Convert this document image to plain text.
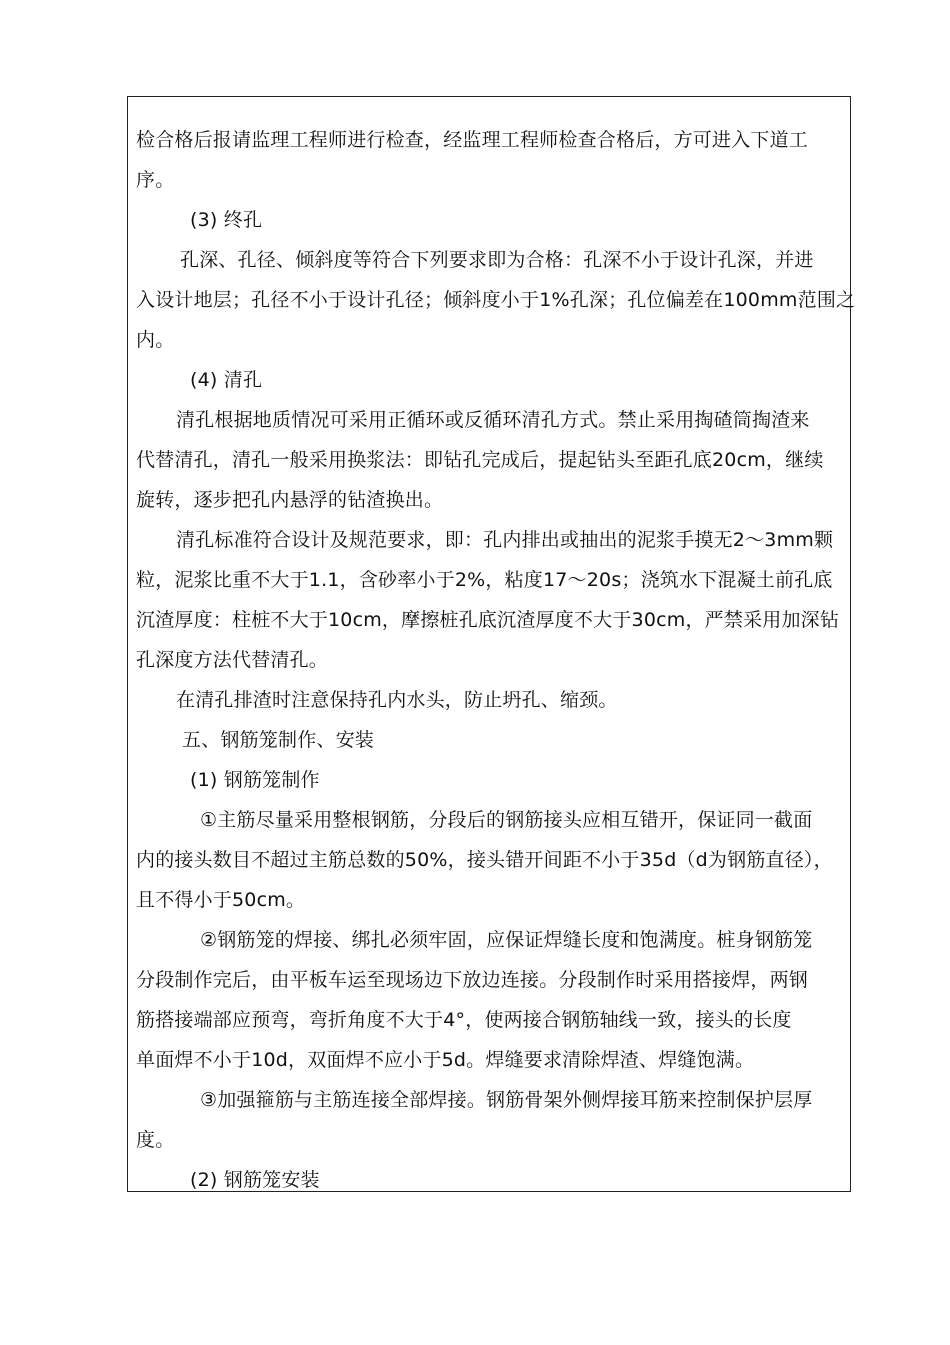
检合格后报请监理工程师进行检查，经监理工程师检查合格后，方可进入下道工
序。
(3) 终孔
孔深、孔径、倾斜度等符合下列要求即为合格：孔深不小于设计孔深，并进
入设计地层；孔径不小于设计孔径；倾斜度小于1%孔深；孔位偏差在100mm范围之
内。
(4) 清孔
清孔根据地质情况可采用正循环或反循环清孔方式。禁止采用掏碴筒掏渣来
代替清孔，清孔一般采用换浆法：即钻孔完成后，提起钻头至距孔底20cm，继续
旋转，逐步把孔内悬浮的钻渣换出。
清孔标准符合设计及规范要求，即：孔内排出或抽出的泥浆手摸无2～3mm颗
粒，泥浆比重不大于1.1，含砂率小于2%，粘度17～20s；浇筑水下混凝土前孔底
沉渣厚度：柱桩不大于10cm，摩擦桩孔底沉渣厚度不大于30cm，严禁采用加深钻
孔深度方法代替清孔。
在清孔排渣时注意保持孔内水头，防止坍孔、缩颈。
五、钢筋笼制作、安装
(1) 钢筋笼制作
①主筋尽量采用整根钢筋，分段后的钢筋接头应相互错开，保证同一截面
内的接头数目不超过主筋总数的50%，接头错开间距不小于35d（d为钢筋直径），
且不得小于50cm。
②钢筋笼的焊接、绑扎必须牢固，应保证焊缝长度和饱满度。桩身钢筋笼
分段制作完后，由平板车运至现场边下放边连接。分段制作时采用搭接焊，两钢
筋搭接端部应预弯，弯折角度不大于4°，使两接合钢筋轴线一致，接头的长度
单面焊不小于10d，双面焊不应小于5d。焊缝要求清除焊渣、焊缝饱满。
③加强箍筋与主筋连接全部焊接。钢筋骨架外侧焊接耳筋来控制保护层厚
度。
(2) 钢筋笼安装
